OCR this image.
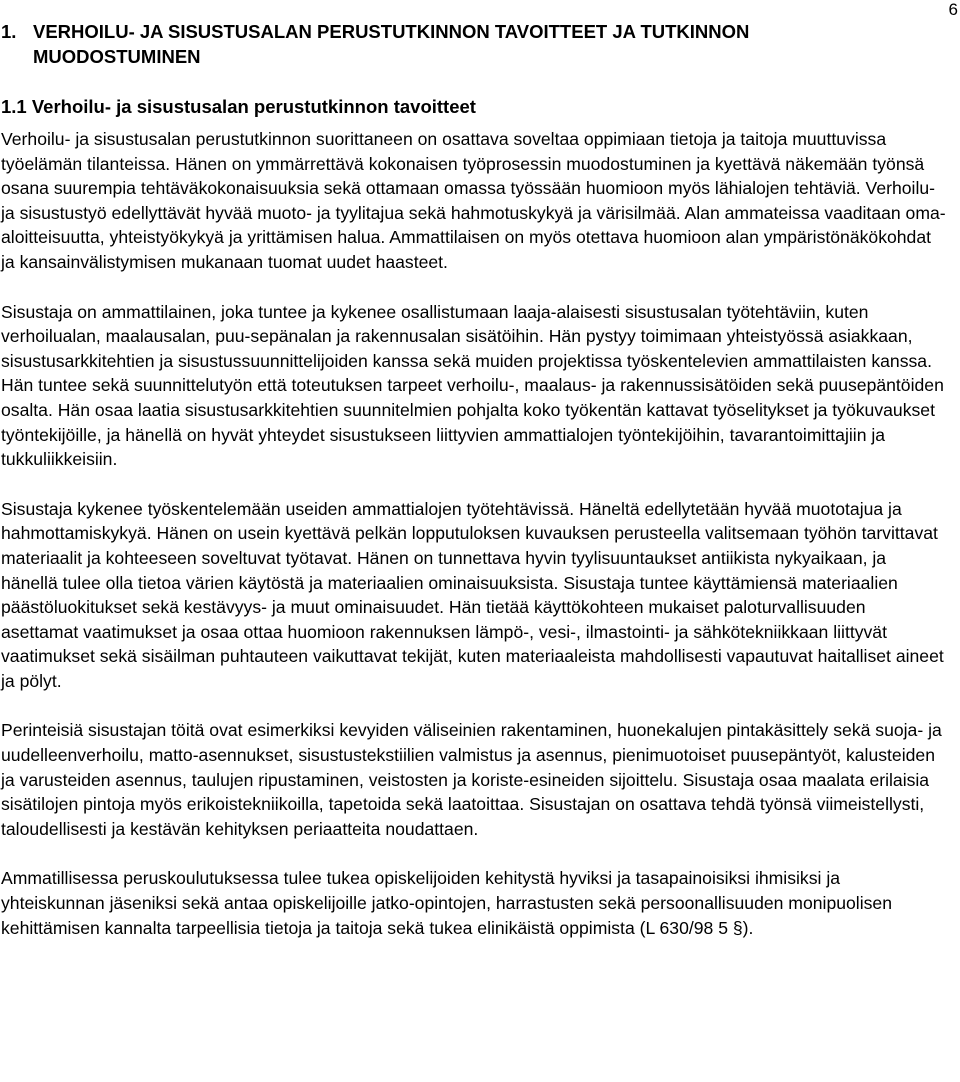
6
1. VERHOILU- JA SISUSTUSALAN PERUSTUTKINNON TAVOITTEET JA TUTKINNON
MUODOSTUMINEN
1.1 Verhoilu- ja sisustusalan perustutkinnon tavoitteet

Verhoilu- ja sisustusalan perustutkinnon suorittaneen on osattava soveltaa oppimiaan tietoja ja taitoja muuttuvissa työelämän tilanteissa. Hänen on ymmärrettävä kokonaisen työprosessin muodostuminen ja kyettävä näkemään työnsä osana suurempia tehtäväkokonaisuuksia sekä ottamaan omassa työssään huomioon myös lähialojen tehtäviä. Verhoilu- ja sisustustyö edellyttävät hyvää muoto- ja tyylitajua sekä hahmotuskykyä ja värisilmää. Alan ammateissa vaaditaan oma-aloitteisuutta, yhteistyökykyä ja yrittämisen halua. Ammattilaisen on myös otettava huomioon alan ympäristönäkökohdat ja kansainvälistymisen mukanaan tuomat uudet haasteet.

Sisustaja on ammattilainen, joka tuntee ja kykenee osallistumaan laaja-alaisesti sisustusalan työtehtäviin, kuten verhoilualan, maalausalan, puu-sepänalan ja rakennusalan sisätöihin. Hän pystyy toimimaan yhteistyössä asiakkaan, sisustusarkkitehtien ja sisustussuunnittelijoiden kanssa sekä muiden projektissa työskentelevien ammattilaisten kanssa. Hän tuntee sekä suunnittelutyön että toteutuksen tarpeet verhoilu-, maalaus- ja rakennussisätöiden sekä puusepäntöiden osalta. Hän osaa laatia sisustusarkkitehtien suunnitelmien pohjalta koko työkentän kattavat työselitykset ja työkuvaukset työntekijöille, ja hänellä on hyvät yhteydet sisustukseen liittyvien ammattialojen työntekijöihin, tavarantoimittajiin ja tukkuliikkeisiin.

Sisustaja kykenee työskentelemään useiden ammattialojen työtehtävissä. Häneltä edellytetään hyvää muototajua ja hahmottamiskykyä. Hänen on usein kyettävä pelkän lopputuloksen kuvauksen perusteella valitsemaan työhön tarvittavat materiaalit ja kohteeseen soveltuvat työtavat. Hänen on tunnettava hyvin tyylisuuntaukset antiikista nykyaikaan, ja hänellä tulee olla tietoa värien käytöstä ja materiaalien ominaisuuksista. Sisustaja tuntee käyttämiensä materiaalien päästöluokitukset sekä kestävyys- ja muut ominaisuudet. Hän tietää käyttökohteen mukaiset paloturvallisuuden asettamat vaatimukset ja osaa ottaa huomioon rakennuksen lämpö-, vesi-, ilmastointi- ja sähkötekniikkaan liittyvät vaatimukset sekä sisäilman puhtauteen vaikuttavat tekijät, kuten materiaaleista mahdollisesti vapautuvat haitalliset aineet ja pölyt.

Perinteisiä sisustajan töitä ovat esimerkiksi kevyiden väliseinien rakentaminen, huonekalujen pintakäsittely sekä suoja- ja uudelleenverhoilu, matto-asennukset, sisustustekstiilien valmistus ja asennus, pienimuotoiset puusepäntyöt, kalusteiden ja varusteiden asennus, taulujen ripustaminen, veistosten ja koriste-esineiden sijoittelu. Sisustaja osaa maalata erilaisia sisätilojen pintoja myös erikoistekniikoilla, tapetoida sekä laatoittaa. Sisustajan on osattava tehdä työnsä viimeistellysti, taloudellisesti ja kestävän kehityksen periaatteita noudattaen.

Ammatillisessa peruskoulutuksessa tulee tukea opiskelijoiden kehitystä hyviksi ja tasapainoisiksi ihmisiksi ja yhteiskunnan jäseniksi sekä antaa opiskelijoille jatko-opintojen, harrastusten sekä persoonallisuuden monipuolisen kehittämisen kannalta tarpeellisia tietoja ja taitoja sekä tukea elinikäistä oppimista (L 630/98 5 §).
